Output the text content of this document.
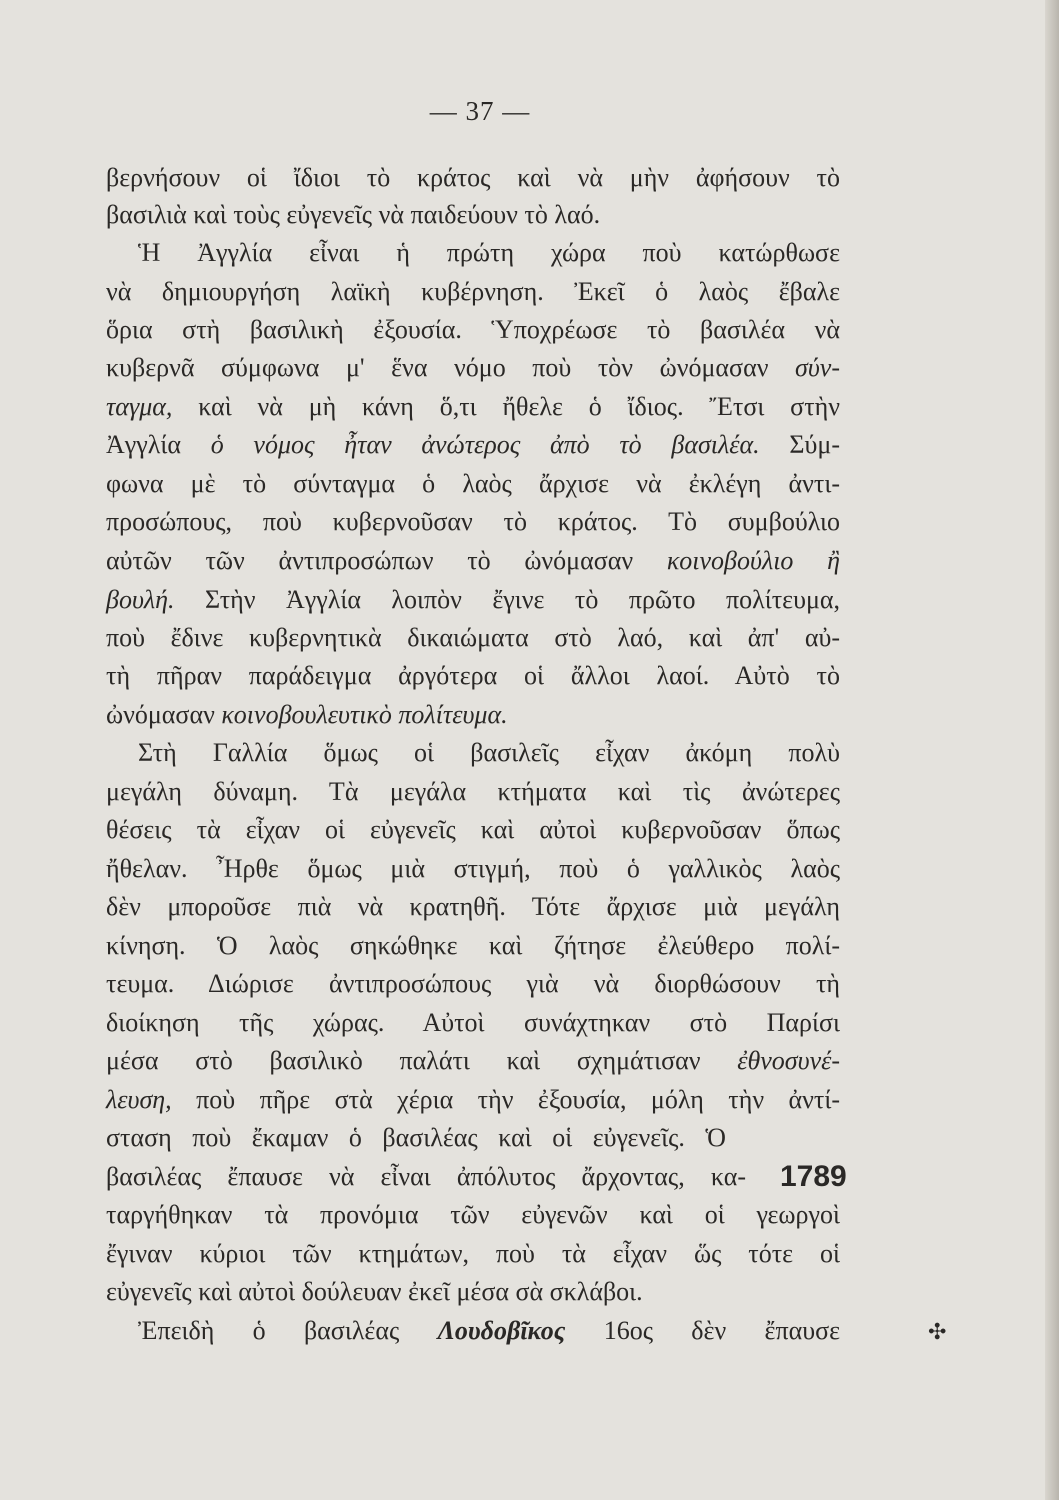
— 37 —

βερνήσουν οἱ ἴδιοι τὸ κράτος καὶ νὰ μὴν ἀφήσουν τὸ

βασιλιὰ καὶ τοὺς εὐγενεῖς νὰ παιδεύουν τὸ λαό.

Ἡ Ἀγγλία εἶναι ἡ πρώτη χώρα ποὺ κατώρθωσε

νὰ δημιουργήση λαϊκὴ κυβέρνηση. Ἐκεῖ ὁ λαὸς ἔβαλε

ὅρια στὴ βασιλικὴ ἐξουσία. Ὑποχρέωσε τὸ βασιλέα νὰ

κυβερνᾶ σύμφωνα μ' ἕνα νόμο ποὺ τὸν ὠνόμασαν σύν-

ταγμα, καὶ νὰ μὴ κάνη ὅ,τι ἤθελε ὁ ἴδιος. Ἔτσι στὴν

Ἀγγλία ὁ νόμος ἦταν ἀνώτερος ἀπὸ τὸ βασιλέα. Σύμ-

φωνα μὲ τὸ σύνταγμα ὁ λαὸς ἄρχισε νὰ ἐκλέγη ἀντι-

προσώπους, ποὺ κυβερνοῦσαν τὸ κράτος. Τὸ συμβούλιο

αὐτῶν τῶν ἀντιπροσώπων τὸ ὠνόμασαν κοινοβούλιο ἢ

βουλή. Στὴν Ἀγγλία λοιπὸν ἔγινε τὸ πρῶτο πολίτευμα,

ποὺ ἔδινε κυβερνητικὰ δικαιώματα στὸ λαό, καὶ ἀπ' αὐ-

τὴ πῆραν παράδειγμα ἀργότερα οἱ ἄλλοι λαοί. Αὐτὸ τὸ

ὠνόμασαν κοινοβουλευτικὸ πολίτευμα.

Στὴ Γαλλία ὅμως οἱ βασιλεῖς εἶχαν ἀκόμη πολὺ

μεγάλη δύναμη. Τὰ μεγάλα κτήματα καὶ τὶς ἀνώτερες

θέσεις τὰ εἶχαν οἱ εὐγενεῖς καὶ αὐτοὶ κυβερνοῦσαν ὅπως

ἤθελαν. Ἦρθε ὅμως μιὰ στιγμή, ποὺ ὁ γαλλικὸς λαὸς

δὲν μποροῦσε πιὰ νὰ κρατηθῆ. Τότε ἄρχισε μιὰ μεγάλη

κίνηση. Ὁ λαὸς σηκώθηκε καὶ ζήτησε ἐλεύθερο πολί-

τευμα. Διώρισε ἀντιπροσώπους γιὰ νὰ διορθώσουν τὴ

διοίκηση τῆς χώρας. Αὐτοὶ συνάχτηκαν στὸ Παρίσι

μέσα στὸ βασιλικὸ παλάτι καὶ σχημάτισαν ἐθνοσυνέ-

λευση, ποὺ πῆρε στὰ χέρια τὴν ἐξουσία, μόλη τὴν ἀντί-

σταση ποὺ ἔκαμαν ὁ βασιλέας καὶ οἱ εὐγενεῖς. Ὁ

βασιλέας ἔπαυσε νὰ εἶναι ἀπόλυτος ἄρχοντας, κα-

ταργήθηκαν τὰ προνόμια τῶν εὐγενῶν καὶ οἱ γεωργοὶ

ἔγιναν κύριοι τῶν κτημάτων, ποὺ τὰ εἶχαν ὥς τότε οἱ

εὐγενεῖς καὶ αὐτοὶ δούλευαν ἐκεῖ μέσα σὰ σκλάβοι.

Ἐπειδὴ ὁ βασιλέας Λουδοβῖκος 16ος δὲν ἔπαυσε

1789
✣
